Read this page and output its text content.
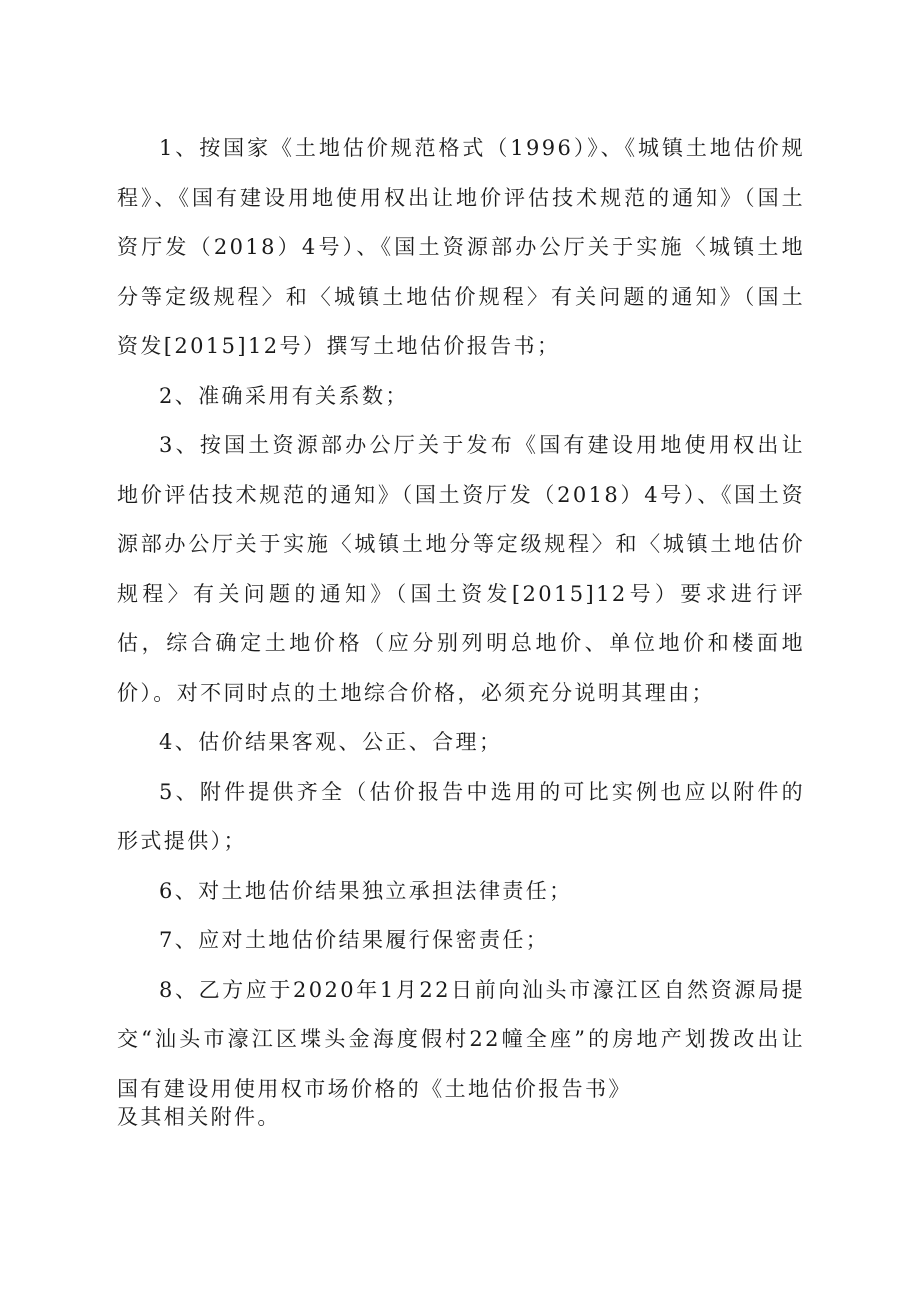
1、按国家《土地估价规范格式（1996）》、《城镇土地估价规程》、《国有建设用地使用权出让地价评估技术规范的通知》（国土资厅发（2018）4号）、《国土资源部办公厅关于实施〈城镇土地分等定级规程〉和〈城镇土地估价规程〉有关问题的通知》（国土资发[2015]12号）撰写土地估价报告书；

2、准确采用有关系数；

3、按国土资源部办公厅关于发布《国有建设用地使用权出让地价评估技术规范的通知》（国土资厅发（2018）4号）、《国土资源部办公厅关于实施〈城镇土地分等定级规程〉和〈城镇土地估价规程〉有关问题的通知》（国土资发[2015]12号）要求进行评估，综合确定土地价格（应分别列明总地价、单位地价和楼面地价）。对不同时点的土地综合价格，必须充分说明其理由；

4、估价结果客观、公正、合理；

5、附件提供齐全（估价报告中选用的可比实例也应以附件的形式提供）；

6、对土地估价结果独立承担法律责任；

7、应对土地估价结果履行保密责任；

8、乙方应于2020年1月22日前向汕头市濠江区自然资源局提交“汕头市濠江区堞头金海度假村22幢全座”的房地产划拨改出让国有建设用使用权市场价格的《土地估价报告书》

及其相关附件。
